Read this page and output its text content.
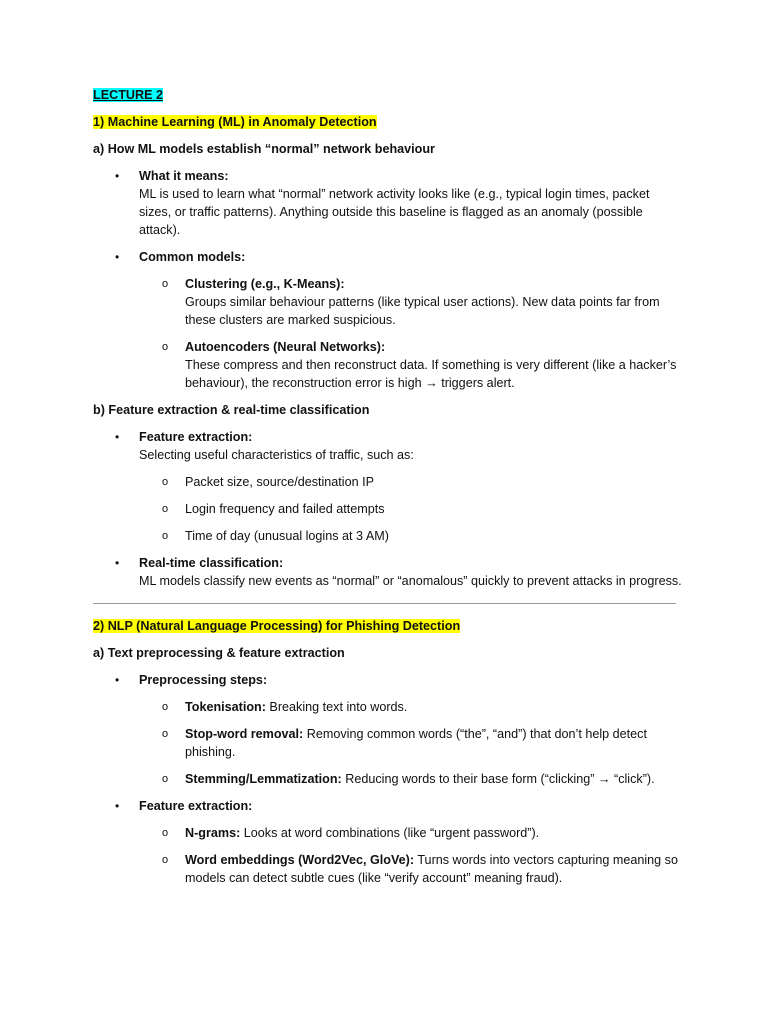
LECTURE 2

1) Machine Learning (ML) in Anomaly Detection

a) How ML models establish “normal” network behaviour

• What it means:
ML is used to learn what “normal” network activity looks like (e.g., typical login times, packet sizes, or traffic patterns). Anything outside this baseline is flagged as an anomaly (possible attack).
• Common models:
o Clustering (e.g., K-Means):
Groups similar behaviour patterns (like typical user actions). New data points far from these clusters are marked suspicious.
o Autoencoders (Neural Networks):
These compress and then reconstruct data. If something is very different (like a hacker’s behaviour), the reconstruction error is high → triggers alert.

b) Feature extraction & real-time classification

• Feature extraction:
Selecting useful characteristics of traffic, such as:
o Packet size, source/destination IP
o Login frequency and failed attempts
o Time of day (unusual logins at 3 AM)
• Real-time classification:
ML models classify new events as “normal” or “anomalous” quickly to prevent attacks in progress.

2) NLP (Natural Language Processing) for Phishing Detection

a) Text preprocessing & feature extraction

• Preprocessing steps:
o Tokenisation: Breaking text into words.
o Stop-word removal: Removing common words (“the”, “and”) that don’t help detect phishing.
o Stemming/Lemmatization: Reducing words to their base form (“clicking” → “click”).
• Feature extraction:
o N-grams: Looks at word combinations (like “urgent password”).
o Word embeddings (Word2Vec, GloVe): Turns words into vectors capturing meaning so models can detect subtle cues (like “verify account” meaning fraud).
